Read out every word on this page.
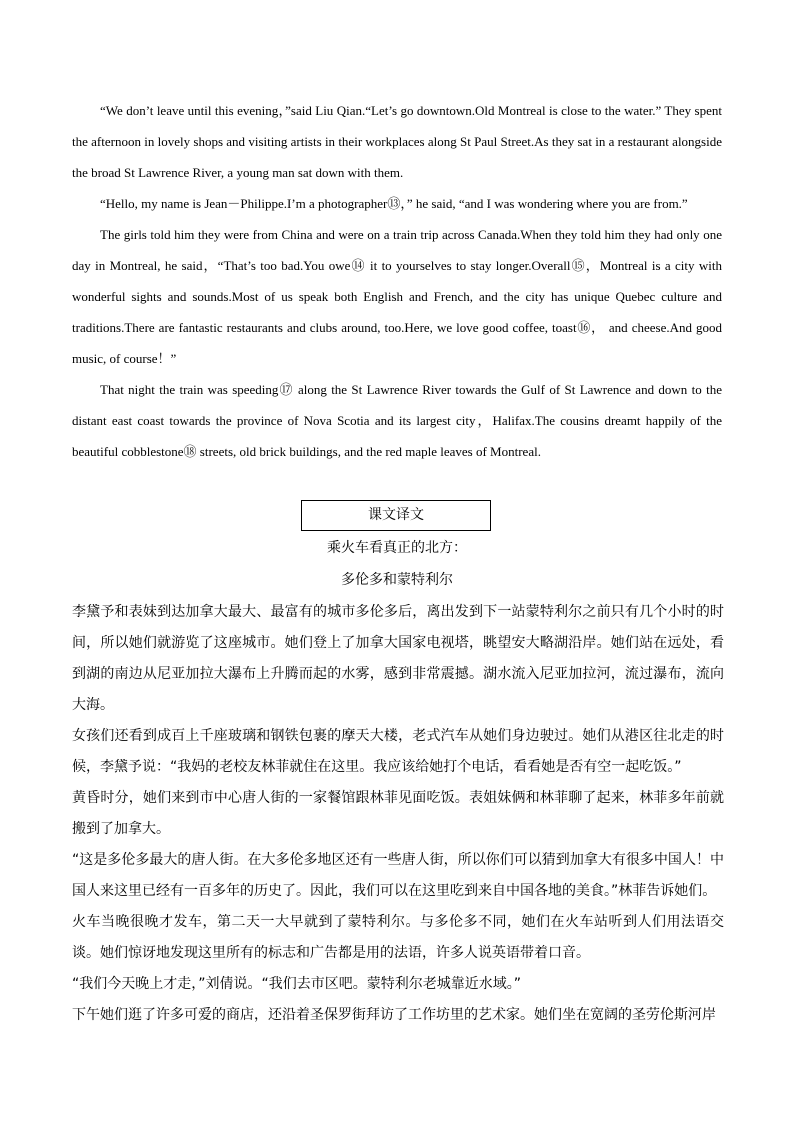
“We don’t leave until this evening，”said Liu Qian.“Let’s go downtown.Old Montreal is close to the water.” They spent the afternoon in lovely shops and visiting artists in their workplaces along St Paul Street.As they sat in a restaurant alongside the broad St Lawrence River, a young man sat down with them.

“Hello, my name is Jean－Philippe.I’m a photographer⑬，” he said, “and I was wondering where you are from.”

The girls told him they were from China and were on a train trip across Canada.When they told him they had only one day in Montreal, he said，“That’s too bad.You owe⑭ it to yourselves to stay longer.Overall⑮，Montreal is a city with wonderful sights and sounds.Most of us speak both English and French, and the city has unique Quebec culture and traditions.There are fantastic restaurants and clubs around, too.Here, we love good coffee, toast⑯， and cheese.And good music, of course！”

That night the train was speeding⑰ along the St Lawrence River towards the Gulf of St Lawrence and down to the distant east coast towards the province of Nova Scotia and its largest city，Halifax.The cousins dreamt happily of the beautiful cobblestone⑱ streets, old brick buildings, and the red maple leaves of Montreal.

课文译文
乘火车看真正的北方：
多伦多和蒙特利尔

李黛予和表妹到达加拿大最大、最富有的城市多伦多后，离出发到下一站蒙特利尔之前只有几个小时的时间，所以她们就游览了这座城市。她们登上了加拿大国家电视塔，眺望安大略湖沿岸。她们站在远处，看到湖的南边从尼亚加拉大瀑布上升腾而起的水雾，感到非常震撼。湖水流入尼亚加拉河，流过瀑布，流向大海。

女孩们还看到成百上千座玻璃和钢铁包裹的摩天大楼，老式汽车从她们身边驶过。她们从港区往北走的时候，李黛予说：“我妈的老校友林菲就住在这里。我应该给她打个电话，看看她是否有空一起吃饭。”

黄昏时分，她们来到市中心唐人街的一家餐馆跟林菲见面吃饭。表姐妹俩和林菲聊了起来，林菲多年前就搬到了加拿大。

“这是多伦多最大的唐人街。在大多伦多地区还有一些唐人街，所以你们可以猜到加拿大有很多中国人！中国人来这里已经有一百多年的历史了。因此，我们可以在这里吃到来自中国各地的美食。”林菲告诉她们。

火车当晚很晚才发车，第二天一大早就到了蒙特利尔。与多伦多不同，她们在火车站听到人们用法语交谈。她们惊讶地发现这里所有的标志和广告都是用的法语，许多人说英语带着口音。

“我们今天晚上才走，”刘倩说。“我们去市区吧。蒙特利尔老城靠近水域。”

下午她们逛了许多可爱的商店，还沿着圣保罗街拜访了工作坊里的艺术家。她们坐在宽阔的圣劳伦斯河岸
